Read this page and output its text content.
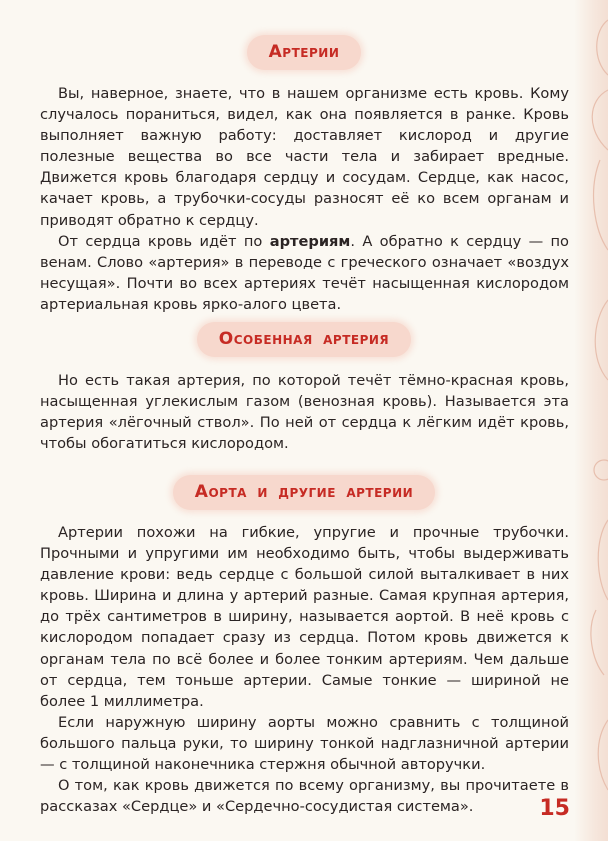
Артерии

Вы, наверное, знаете, что в нашем организме есть кровь. Кому случалось пораниться, видел, как она появляется в ранке. Кровь выполняет важную работу: доставляет кислород и другие полезные вещества во все части тела и забирает вредные. Движется кровь благодаря сердцу и сосудам. Сердце, как насос, качает кровь, а трубочки-сосуды разносят её ко всем органам и приводят обратно к сердцу.

От сердца кровь идёт по артериям. А обратно к сердцу — по венам. Слово «артерия» в переводе с греческого означает «воздух несущая». Почти во всех артериях течёт насыщенная кислородом артериальная кровь ярко-алого цвета.

Особенная артерия

Но есть такая артерия, по которой течёт тёмно-красная кровь, насыщенная углекислым газом (венозная кровь). Называется эта артерия «лёгочный ствол». По ней от сердца к лёгким идёт кровь, чтобы обогатиться кислородом.

Аорта и другие артерии

Артерии похожи на гибкие, упругие и прочные трубочки. Прочными и упругими им необходимо быть, чтобы выдерживать давление крови: ведь сердце с большой силой выталкивает в них кровь. Ширина и длина у артерий разные. Самая крупная артерия, до трёх сантиметров в ширину, называется аортой. В неё кровь с кислородом попадает сразу из сердца. Потом кровь движется к органам тела по всё более и более тонким артериям. Чем дальше от сердца, тем тоньше артерии. Самые тонкие — шириной не более 1 миллиметра.

Если наружную ширину аорты можно сравнить с толщиной большого пальца руки, то ширину тонкой надглазничной артерии — с толщиной наконечника стержня обычной авторучки.

О том, как кровь движется по всему организму, вы прочитаете в рассказах «Сердце» и «Сердечно-сосудистая система».	15
